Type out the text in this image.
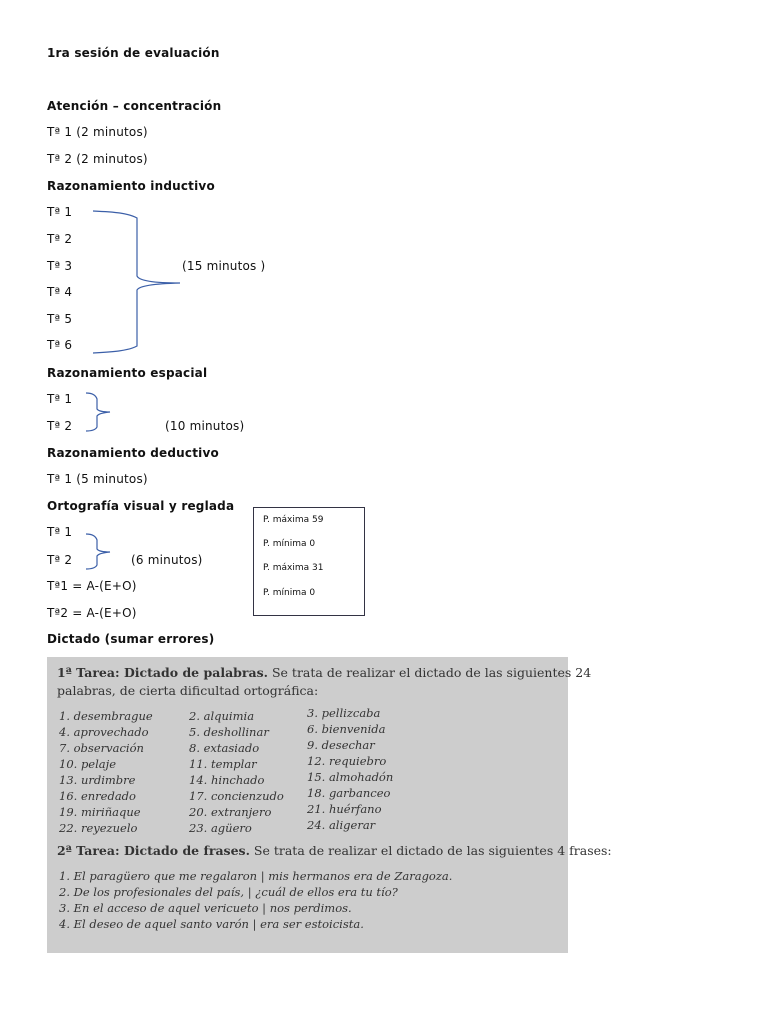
1ra sesión de evaluación
Atención – concentración
Tª 1 (2 minutos)
Tª 2 (2 minutos)
Razonamiento inductivo
Tª 1
Tª 2
Tª 3
Tª 4
Tª 5
Tª 6
(15 minutos )
Razonamiento espacial
Tª 1
Tª 2	(10 minutos)
Razonamiento deductivo
Tª 1 (5 minutos)
Ortografía visual y reglada
Tª 1
Tª 2	(6 minutos)
Tª1 = A-(E+O)
Tª2 = A-(E+O)
P. máxima 59
P. mínima 0
P. máxima 31
P. mínima 0
Dictado (sumar errores)
1ª Tarea: Dictado de palabras. Se trata de realizar el dictado de las siguientes 24
palabras, de cierta dificultad ortográfica:
1. desembrague	2. alquimia	3. pellizcaba
4. aprovechado	5. deshollinar	6. bienvenida
7. observación	8. extasiado	9. desechar
10. pelaje	11. templar	12. requiebro
13. urdimbre	14. hinchado	15. almohadón
16. enredado	17. concienzudo 18. garbanceo
19. miriñaque	20. extranjero	21. huérfano
22. reyezuelo	23. agüero	24. aligerar
2ª Tarea: Dictado de frases. Se trata de realizar el dictado de las siguientes 4 frases:
1. El paragüero que me regalaron | mis hermanos era de Zaragoza.
2. De los profesionales del país, | ¿cuál de ellos era tu tío?
3. En el acceso de aquel vericueto | nos perdimos.
4. El deseo de aquel santo varón | era ser estoicista.
